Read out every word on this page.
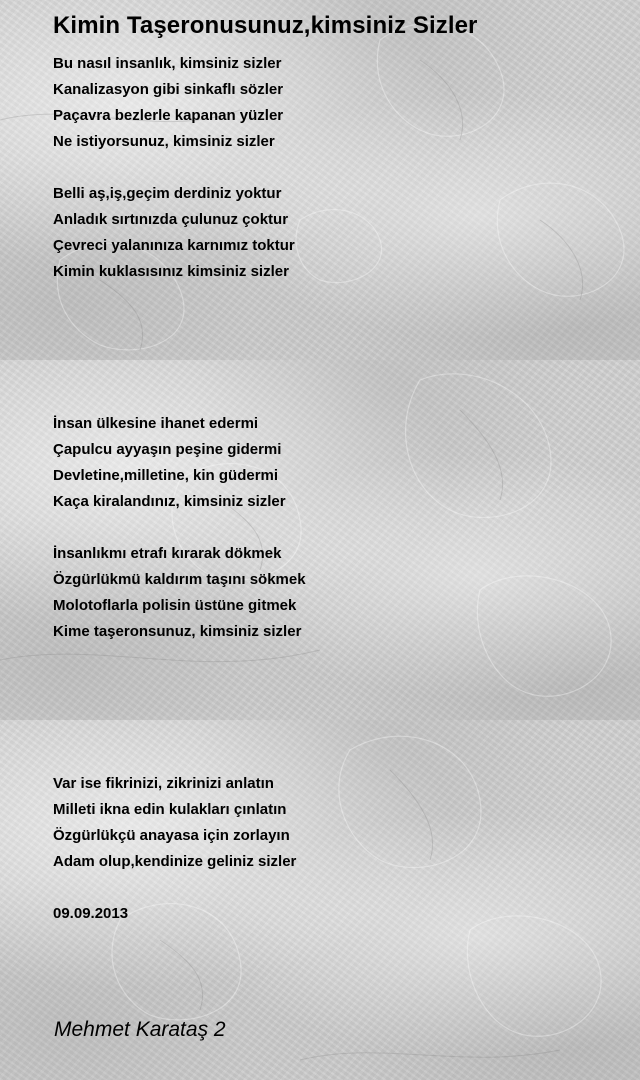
Kimin Taşeronusunuz,kimsiniz Sizler
Bu nasıl insanlık, kimsiniz sizler
Kanalizasyon gibi sinkaflı sözler
Paçavra bezlerle kapanan yüzler
Ne istiyorsunuz, kimsiniz sizler
Belli aş,iş,geçim derdiniz yoktur
Anladık sırtınızda çulunuz çoktur
Çevreci yalanınıza karnımız toktur
Kimin kuklasısınız kimsiniz sizler
İnsan ülkesine ihanet edermi
Çapulcu ayyaşın peşine gidermi
Devletine,milletine, kin güdermi
Kaça kiralandınız, kimsiniz sizler
İnsanlıkmı etrafı kırarak dökmek
Özgürlükmü kaldırım taşını sökmek
Molotoflarla polisin üstüne gitmek
Kime taşeronsunuz, kimsiniz sizler
Var ise fikrinizi, zikrinizi anlatın
Milleti ikna edin kulakları çınlatın
Özgürlükçü anayasa için zorlayın
Adam olup,kendinize geliniz sizler
09.09.2013
Mehmet Karataş 2
